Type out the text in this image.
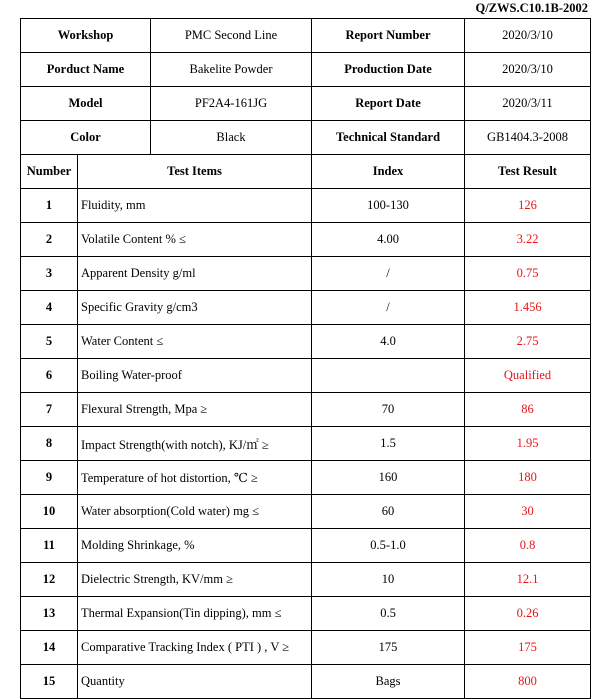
Q/ZWS.C10.1B-2002
Workshop		PMC Second Line	Report Number	2020/3/10
Porduct Name		Bakelite Powder	Production Date	2020/3/10
Model		PF2A4-161JG	Report Date	2020/3/11
Color		Black	Technical Standard	GB1404.3-2008
Number	Test Items		Index	Test Result
1	Fluidity, mm		100-130	126
2	Volatile Content % ≤		4.00	3.22
3	Apparent Density g/ml		/	0.75
4	Specific Gravity g/cm3		/	1.456
5	Water Content ≤		4.0	2.75
6	Boiling Water-proof			Qualified
7	Flexural Strength, Mpa ≥		70	86
8	Impact Strength(with notch), KJ/㎡ ≥		1.5	1.95
9	Temperature of hot distortion, ℃ ≥		160	180
10	Water absorption(Cold water) mg ≤		60	30
11	Molding Shrinkage, %		0.5-1.0	0.8
12	Dielectric Strength, KV/mm ≥		10	12.1
13	Thermal Expansion(Tin dipping), mm ≤		0.5	0.26
14	Comparative Tracking Index ( PTI ) , V ≥		175	175
15	Quantity		Bags	800
